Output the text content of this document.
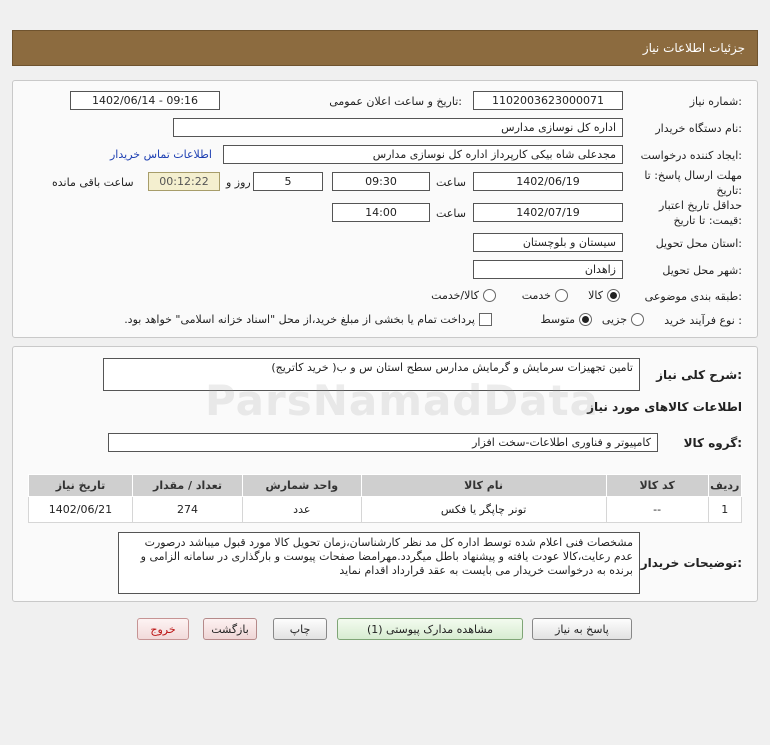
جزئیات اطلاعات نیاز
شماره نیاز:
1102003623000071
تاریخ و ساعت اعلان عمومی:
1402/06/14 - 09:16
نام دستگاه خریدار:
اداره کل نوسازی مدارس
ایجاد کننده درخواست:
مجدعلی شاه بیکی کارپرداز اداره کل نوسازی مدارس
اطلاعات تماس خریدار
مهلت ارسال پاسخ: تا تاریخ:
1402/06/19
ساعت
09:30
5
روز و
00:12:22
ساعت باقی مانده
حداقل تاریخ اعتبار قیمت: تا تاریخ:
1402/07/19
ساعت
14:00
استان محل تحویل:
سیستان و بلوچستان
شهر محل تحویل:
زاهدان
طبقه بندی موضوعی:
کالا
خدمت
کالا/خدمت
نوع فرآیند خرید :
جزیی
متوسط
پرداخت تمام یا بخشی از مبلغ خرید،از محل "اسناد خزانه اسلامی" خواهد بود.
شرح کلی نیاز:
تامین تجهیزات سرمایش و گرمایش مدارس سطح استان س و ب( خرید کاتریج)
اطلاعات کالاهای مورد نیاز
گروه کالا:
کامپیوتر و فناوری اطلاعات-سخت افزار
ردیف	کد کالا	نام کالا	واحد شمارش	تعداد / مقدار	تاریخ نیاز
1	--	تونر چاپگر یا فکس	عدد	274	1402/06/21
توضیحات خریدار:
مشخصات فنی اعلام شده توسط اداره کل مد نظر کارشناسان،زمان تحویل کالا مورد قبول میباشد درصورت عدم رعایت،کالا عودت یافته و پیشنهاد باطل میگردد.مهرامضا صفحات پیوست و بارگذاری در سامانه الزامی و برنده به درخواست خریدار می بایست به عقد قرارداد اقدام نماید
پاسخ به نیاز
مشاهده مدارک پیوستی (1)
چاپ
بازگشت
خروج
